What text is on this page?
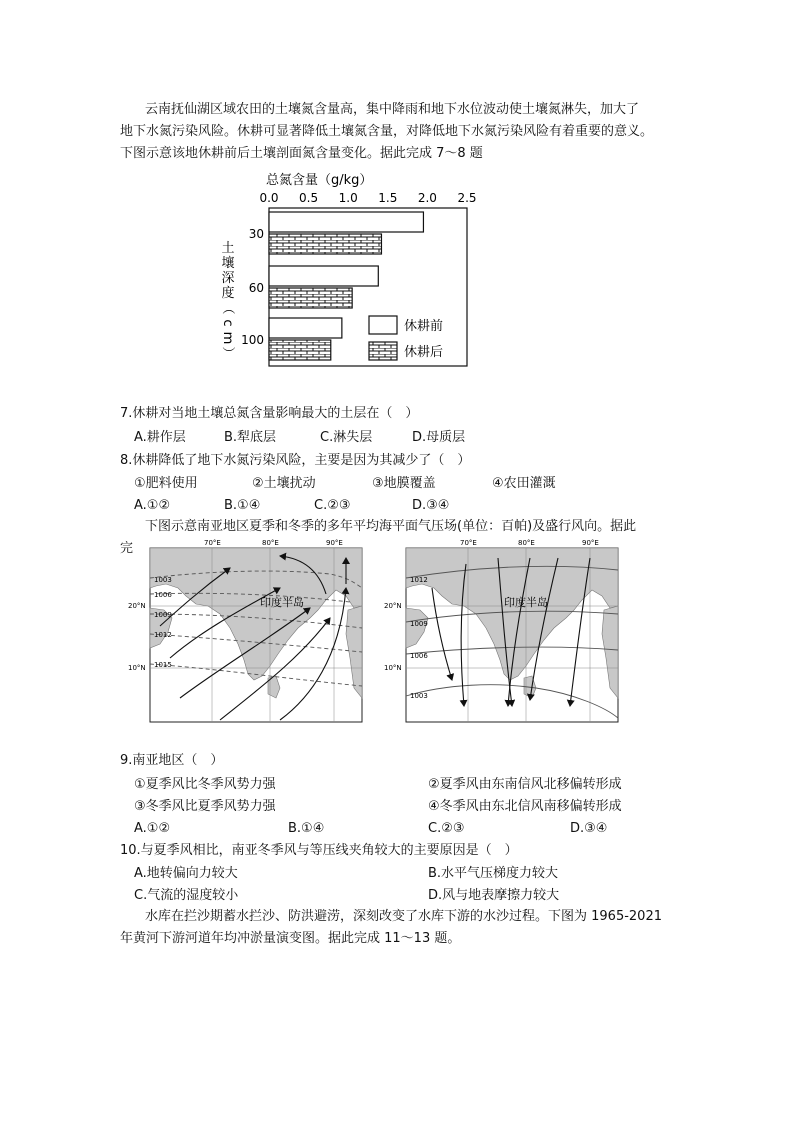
云南抚仙湖区域农田的土壤氮含量高，集中降雨和地下水位波动使土壤氮淋失，加大了
地下水氮污染风险。休耕可显著降低土壤氮含量，对降低地下水氮污染风险有着重要的意义。
下图示意该地休耕前后土壤剖面氮含量变化。据此完成 7～8 题
总氮含量（g/kg）
0.0 0.5 1.0 1.5 2.0 2.5
土
壤
深
度
（
c
m
）
30
60
100
休耕前
休耕后
7.休耕对当地土壤总氮含量影响最大的土层在（　）
A.耕作层	B.犁底层	C.淋失层	D.母质层
8.休耕降低了地下水氮污染风险，主要是因为其减少了（　）
①肥料使用	②土壤扰动	③地膜覆盖	④农田灌溉
A.①②	B.①④	C.②③	D.③④
下图示意南亚地区夏季和冬季的多年平均海平面气压场(单位：百帕)及盛行风向。据此
完
1003
1006
1009
1012
1015
印度半岛
70°E	80°E	90°E
20°N
10°N
1012
1009
1006
1003
印度半岛
70°E	80°E	90°E
20°N
10°N
9.南亚地区（　）
①夏季风比冬季风势力强	②夏季风由东南信风北移偏转形成
③冬季风比夏季风势力强	④冬季风由东北信风南移偏转形成
A.①②	B.①④	C.②③	D.③④
10.与夏季风相比，南亚冬季风与等压线夹角较大的主要原因是（　）
A.地转偏向力较大	B.水平气压梯度力较大
C.气流的湿度较小	D.风与地表摩擦力较大
水库在拦沙期蓄水拦沙、防洪避涝，深刻改变了水库下游的水沙过程。下图为 1965-2021
年黄河下游河道年均冲淤量演变图。据此完成 11～13 题。
